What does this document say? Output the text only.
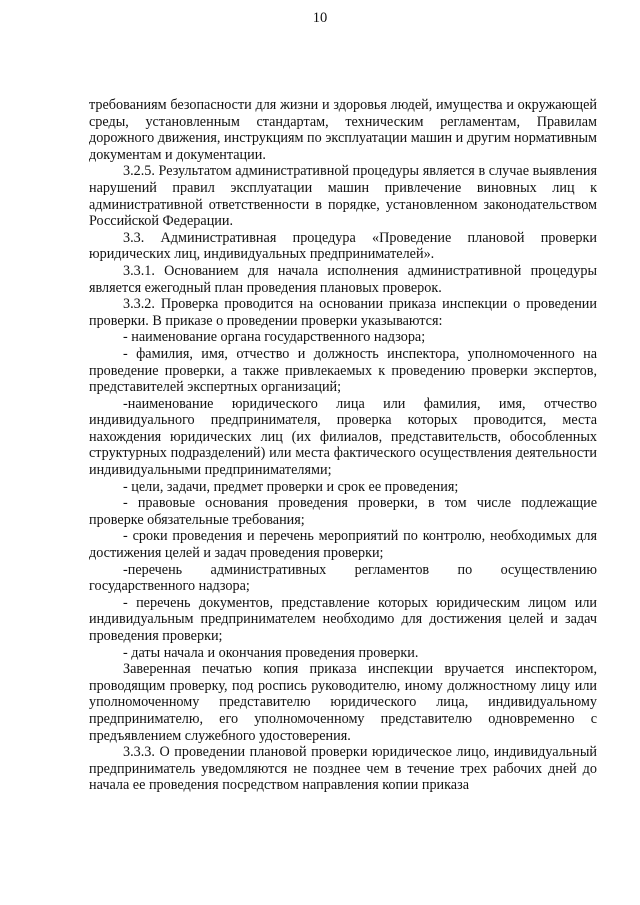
10

требованиям безопасности для жизни и здоровья людей, имущества и окружающей среды, установленным стандартам, техническим регламентам, Правилам дорожного движения, инструкциям по эксплуатации машин и другим нормативным документам и документации.

3.2.5. Результатом административной процедуры является в случае выявления нарушений правил эксплуатации машин привлечение виновных лиц к административной ответственности в порядке, установленном законодательством Российской Федерации.

3.3. Административная процедура «Проведение плановой проверки юридических лиц, индивидуальных предпринимателей».

3.3.1. Основанием для начала исполнения административной процедуры является ежегодный план проведения плановых проверок.

3.3.2. Проверка проводится на основании приказа инспекции о проведении проверки. В приказе о проведении проверки указываются:

- наименование органа государственного надзора;

- фамилия, имя, отчество и должность инспектора, уполномоченного на проведение проверки, а также привлекаемых к проведению проверки экспертов, представителей экспертных организаций;

-наименование юридического лица или фамилия, имя, отчество индивидуального предпринимателя, проверка которых проводится, места нахождения юридических лиц (их филиалов, представительств, обособленных структурных подразделений) или места фактического осуществления деятельности индивидуальными предпринимателями;

- цели, задачи, предмет проверки и срок ее проведения;

- правовые основания проведения проверки, в том числе подлежащие проверке обязательные требования;

- сроки проведения и перечень мероприятий по контролю, необходимых для достижения целей и задач проведения проверки;

-перечень административных регламентов по осуществлению государственного надзора;

- перечень документов, представление которых юридическим лицом или индивидуальным предпринимателем необходимо для достижения целей и задач проведения проверки;

- даты начала и окончания проведения проверки.

Заверенная печатью копия приказа инспекции вручается инспектором, проводящим проверку, под роспись руководителю, иному должностному лицу или уполномоченному представителю юридического лица, индивидуальному предпринимателю, его уполномоченному представителю одновременно с предъявлением служебного удостоверения.

3.3.3. О проведении плановой проверки юридическое лицо, индивидуальный предприниматель уведомляются не позднее чем в течение трех рабочих дней до начала ее проведения посредством направления копии приказа
